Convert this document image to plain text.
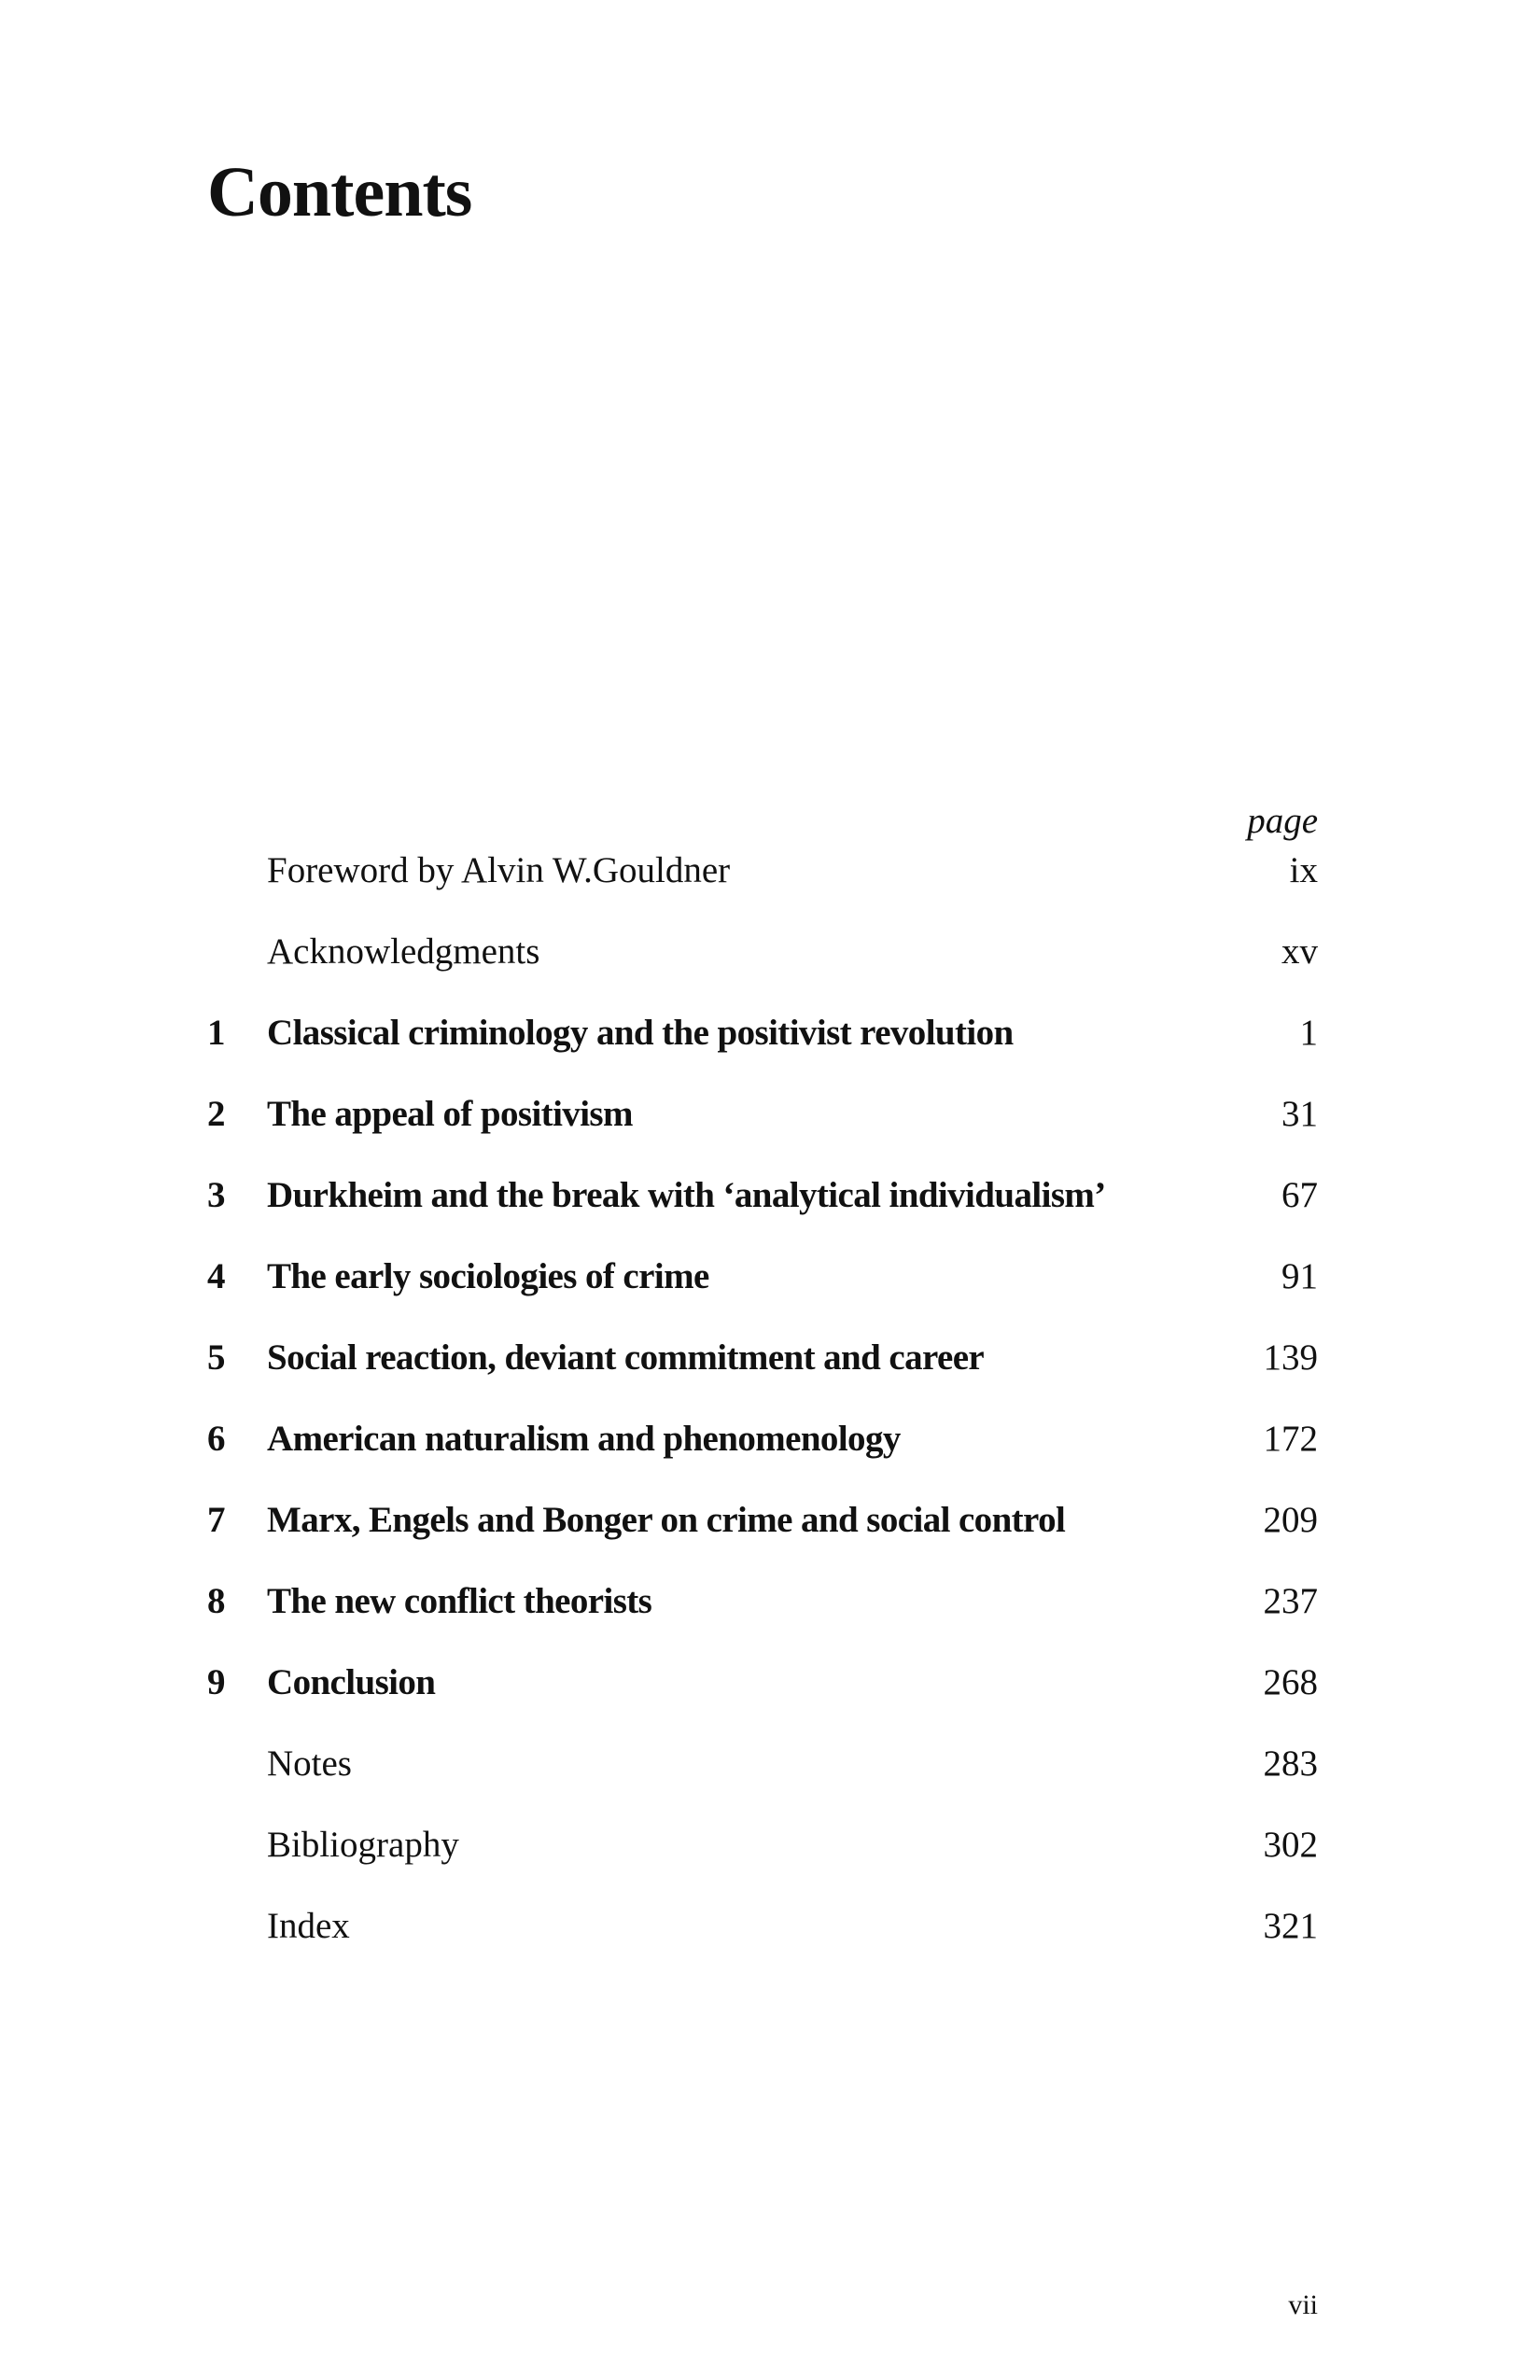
Contents
page
Foreword by Alvin W.Gouldner	ix
Acknowledgments	xv
1	Classical criminology and the positivist revolution	1
2	The appeal of positivism	31
3	Durkheim and the break with ‘analytical individualism’	67
4	The early sociologies of crime	91
5	Social reaction, deviant commitment and career	139
6	American naturalism and phenomenology	172
7	Marx, Engels and Bonger on crime and social control	209
8	The new conflict theorists	237
9	Conclusion	268
Notes	283
Bibliography	302
Index	321
vii
